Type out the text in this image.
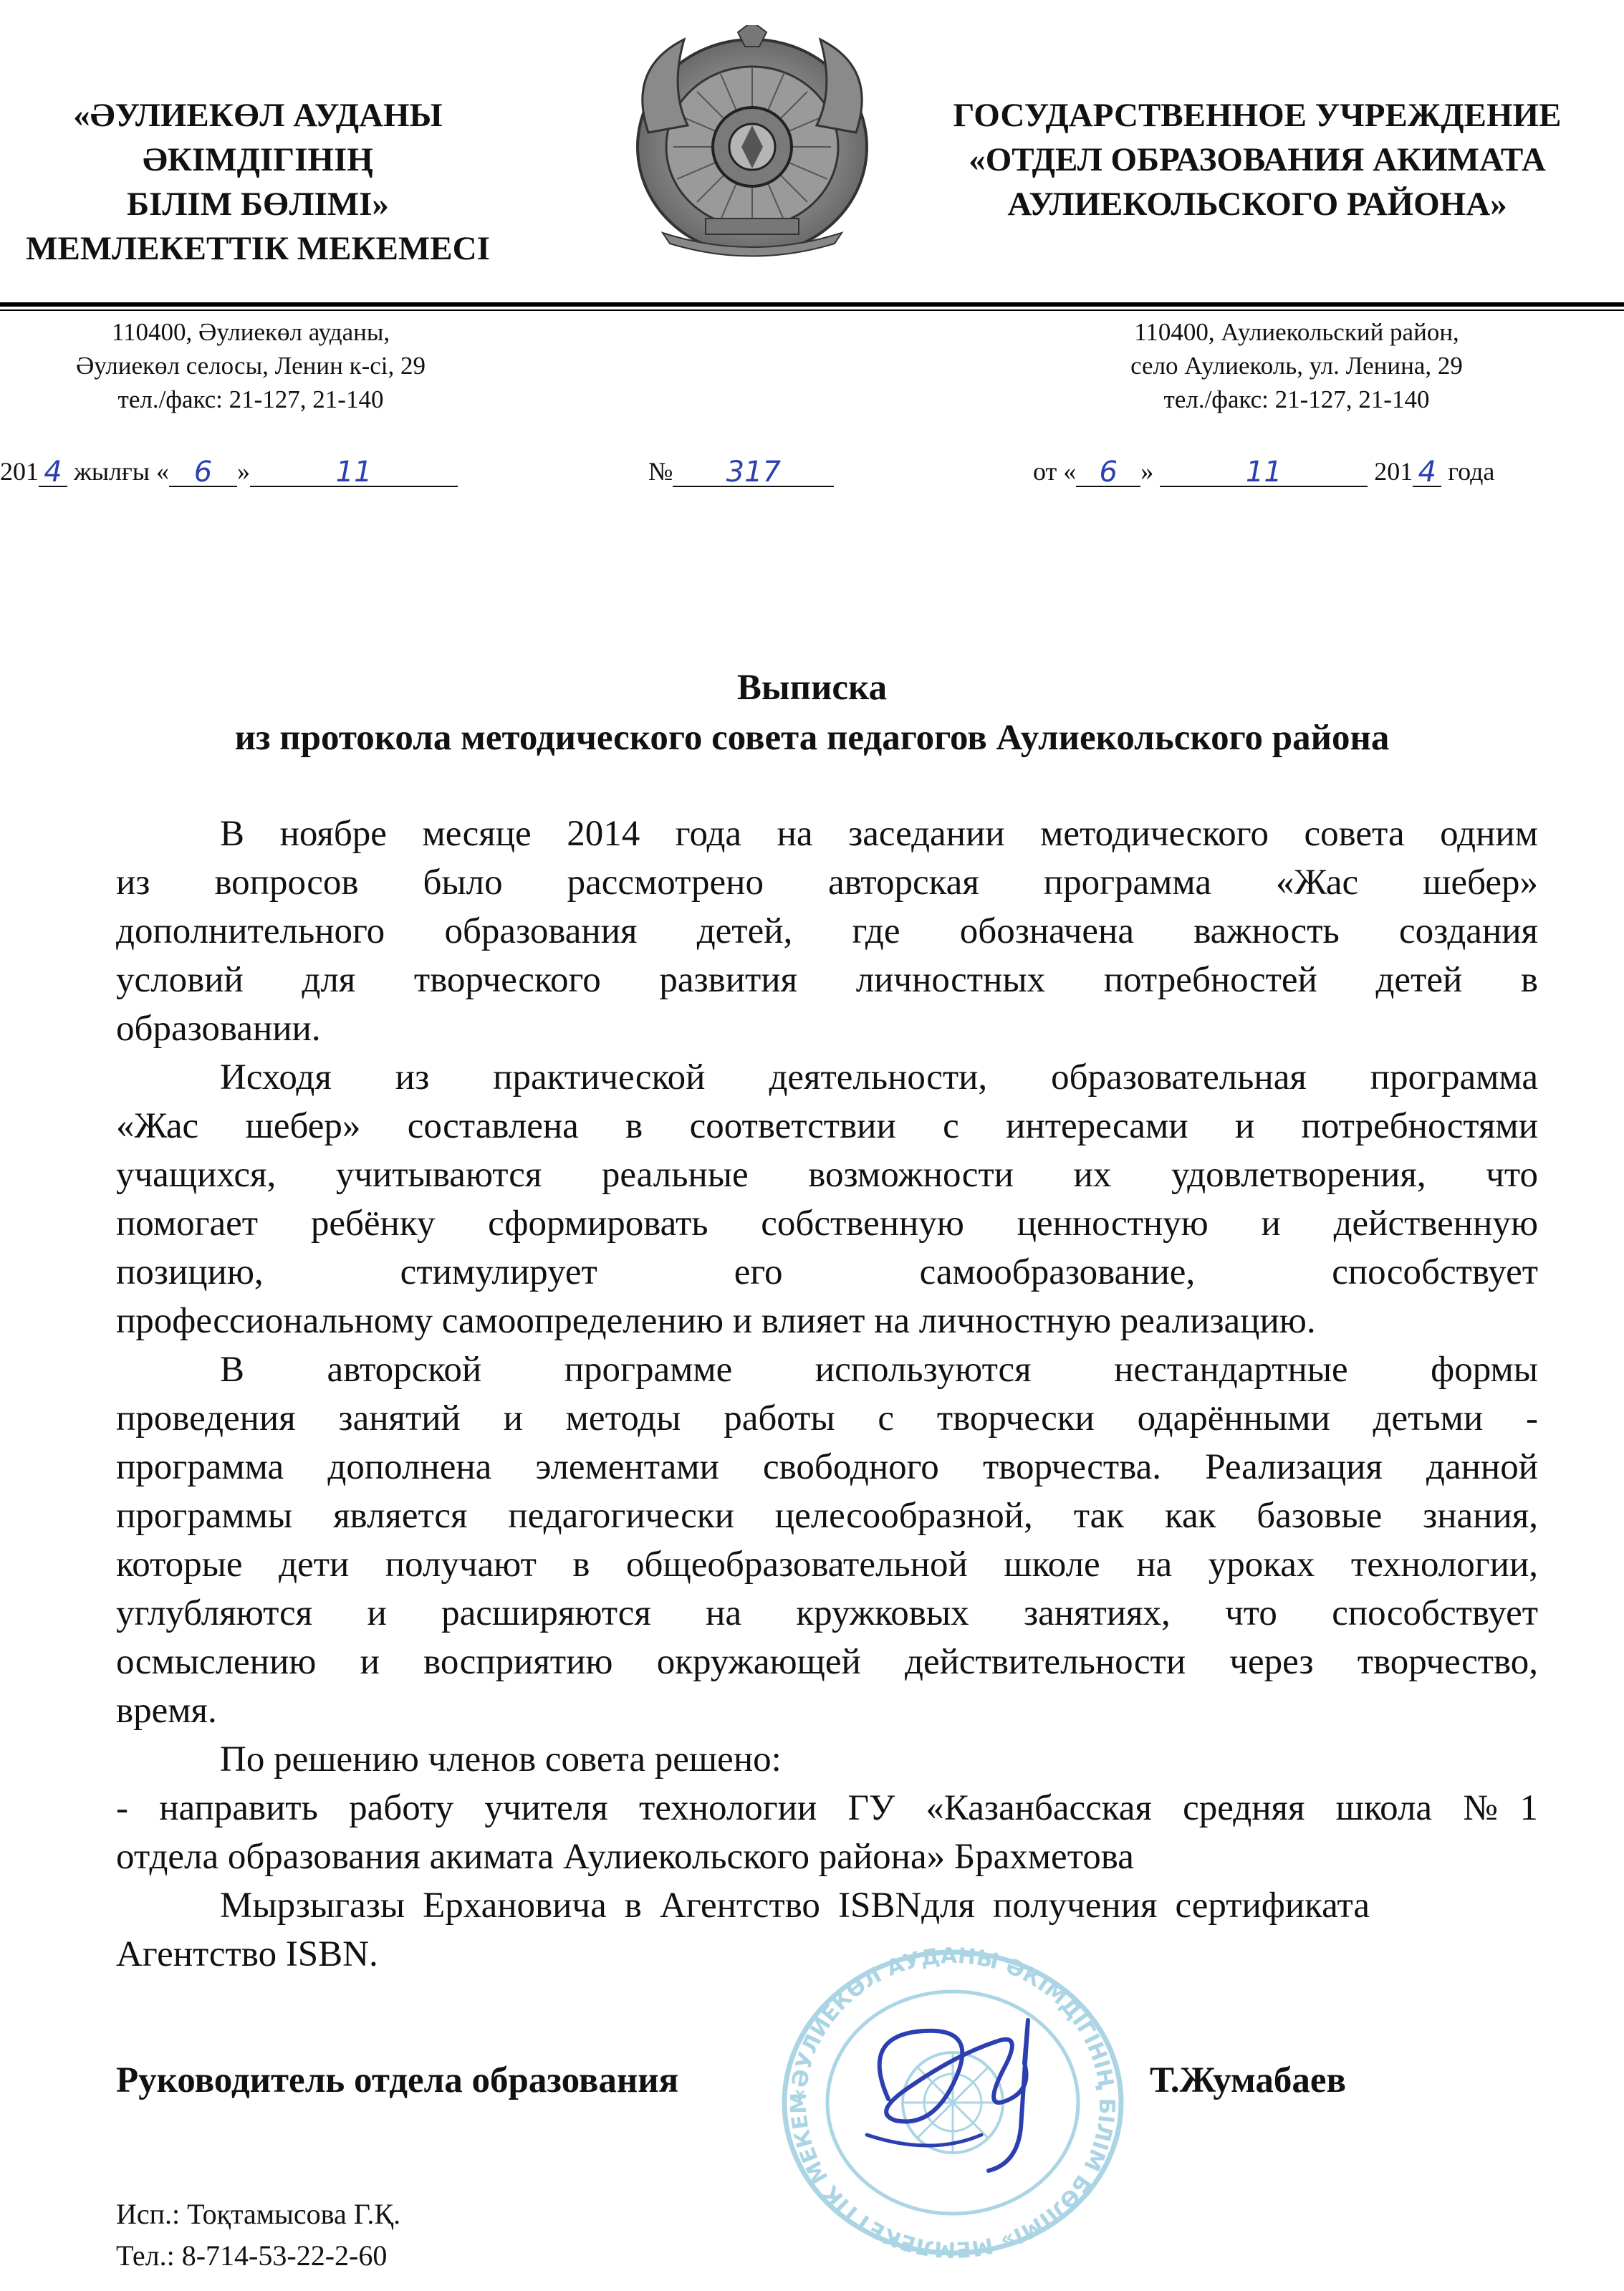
«ӘУЛИЕКӨЛ АУДАНЫ
ӘКІМДІГІНІҢ
БІЛІМ БӨЛІМІ»
МЕМЛЕКЕТТІК МЕКЕМЕСІ
ГОСУДАРСТВЕННОЕ УЧРЕЖДЕНИЕ
«ОТДЕЛ ОБРАЗОВАНИЯ АКИМАТА
АУЛИЕКОЛЬСКОГО РАЙОНА»
110400, Әулиекөл ауданы,
Әулиекөл селосы, Ленин к-сі, 29
тел./факс: 21-127, 21-140
110400, Аулиекольский район,
село Аулиеколь, ул. Ленина, 29
тел./факс: 21-127, 21-140
201 4 жылғы « 6 »	11	№ 317	от « 6 »	11	201 4 года
Выписка
из протокола методического совета педагогов Аулиекольского района
В ноябре месяце 2014 года на заседании методического совета одним
из вопросов было рассмотрено авторская программа «Жас шебер»
дополнительного образования детей, где обозначена важность создания
условий для творческого развития личностных потребностей детей в
образовании.
Исходя из практической деятельности, образовательная программа
«Жас шебер» составлена в соответствии с интересами и потребностями
учащихся, учитываются реальные возможности их удовлетворения, что
помогает ребёнку сформировать собственную ценностную и действенную
позицию, стимулирует его самообразование, способствует
профессиональному самоопределению и влияет на личностную реализацию.
В авторской программе используются нестандартные формы
проведения занятий и методы работы с творчески одарёнными детьми -
программа дополнена элементами свободного творчества. Реализация данной
программы является педагогически целесообразной, так как базовые знания,
которые дети получают в общеобразовательной школе на уроках технологии,
углубляются и расширяются на кружковых занятиях, что способствует
осмыслению и восприятию окружающей действительности через творчество,
время.
По решению членов совета решено:
- направить работу учителя технологии ГУ «Казанбасская средняя школа №1
отдела образования акимата Аулиекольского района» Брахметова
Мырзыгазы Ерхановича в Агентство ISBNдля получения сертификата
Агентство ISBN.
«ӘУЛИЕКӨЛ АУДАНЫ ӘКІМДІГІНІҢ БІЛІМ БӨЛІМІ» МЕМЛЕКЕТТІК МЕКЕМ
Руководитель отдела образования	Т.Жумабаев
Исп.: Тоқтамысова Г.Қ.
Тел.: 8-714-53-22-2-60
